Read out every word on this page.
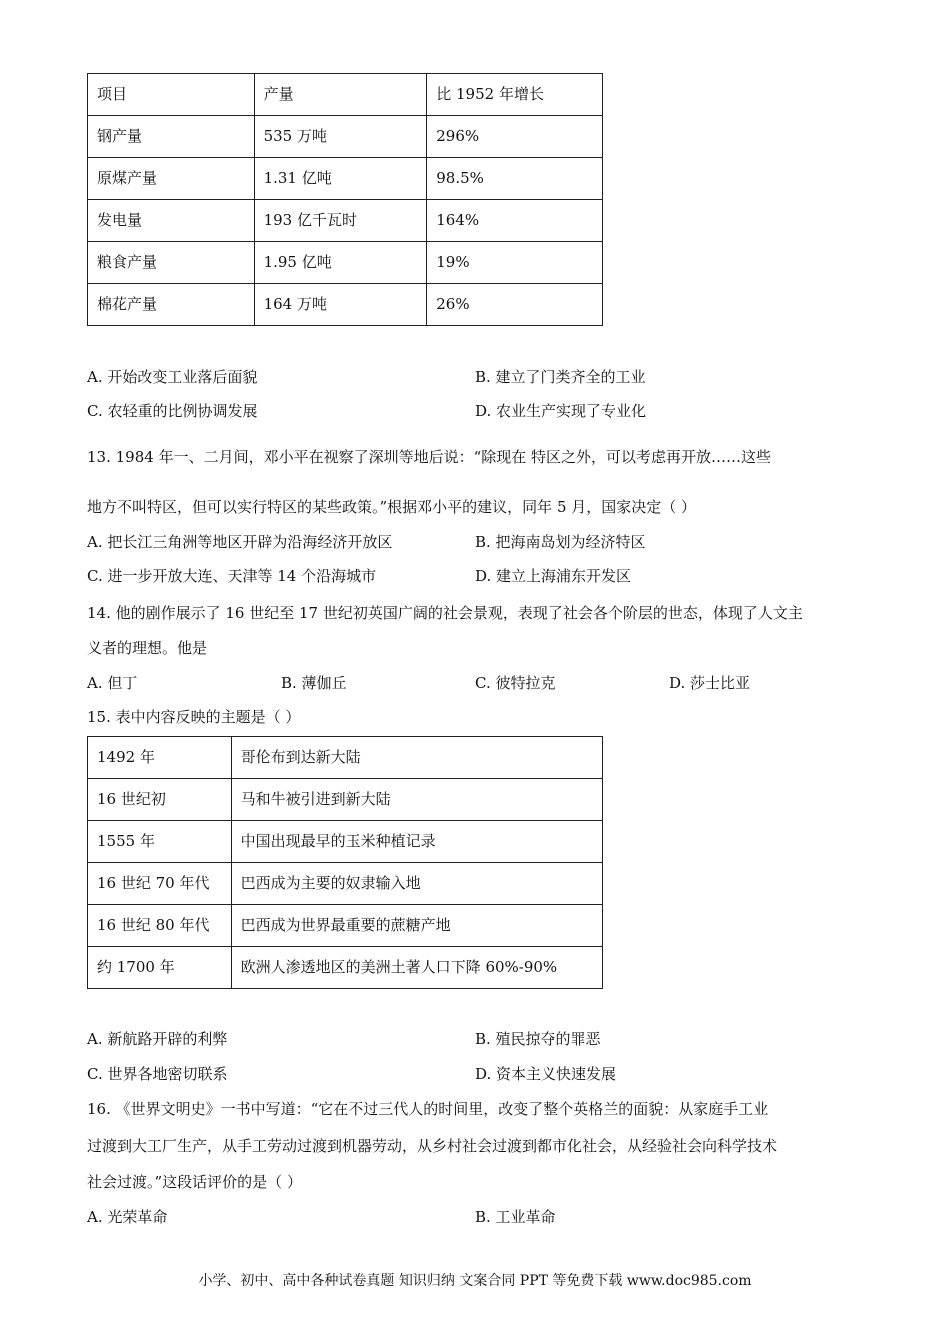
项目	产量	比 1952 年增长
钢产量	535 万吨	296%
原煤产量	1.31 亿吨	98.5%
发电量	193 亿千瓦时	164%
粮食产量	1.95 亿吨	19%
棉花产量	164 万吨	26%
A. 开始改变工业落后面貌	B. 建立了门类齐全的工业
C. 农轻重的比例协调发展	D. 农业生产实现了专业化
13. 1984 年一、二月间，邓小平在视察了深圳等地后说：“除现在 特区之外，可以考虑再开放……这些
地方不叫特区，但可以实行特区的某些政策。”根据邓小平的建议，同年 5 月，国家决定（ ）
A. 把长江三角洲等地区开辟为沿海经济开放区	B. 把海南岛划为经济特区
C. 进一步开放大连、天津等 14 个沿海城市	D. 建立上海浦东开发区
14. 他的剧作展示了 16 世纪至 17 世纪初英国广阔的社会景观，表现了社会各个阶层的世态，体现了人文主
义者的理想。他是
A. 但丁	B. 薄伽丘	C. 彼特拉克	D. 莎士比亚
15. 表中内容反映的主题是（ ）
1492 年	哥伦布到达新大陆
16 世纪初	马和牛被引进到新大陆
1555 年	中国出现最早的玉米种植记录
16 世纪 70 年代	巴西成为主要的奴隶输入地
16 世纪 80 年代	巴西成为世界最重要的蔗糖产地
约 1700 年	欧洲人渗透地区的美洲土著人口下降 60%-90%
A. 新航路开辟的利弊	B. 殖民掠夺的罪恶
C. 世界各地密切联系	D. 资本主义快速发展
16. 《世界文明史》一书中写道：“它在不过三代人的时间里，改变了整个英格兰的面貌：从家庭手工业
过渡到大工厂生产，从手工劳动过渡到机器劳动，从乡村社会过渡到都市化社会，从经验社会向科学技术
社会过渡。”这段话评价的是（ ）
A. 光荣革命	B. 工业革命
小学、初中、高中各种试卷真题 知识归纳 文案合同 PPT 等免费下载 www.doc985.com
